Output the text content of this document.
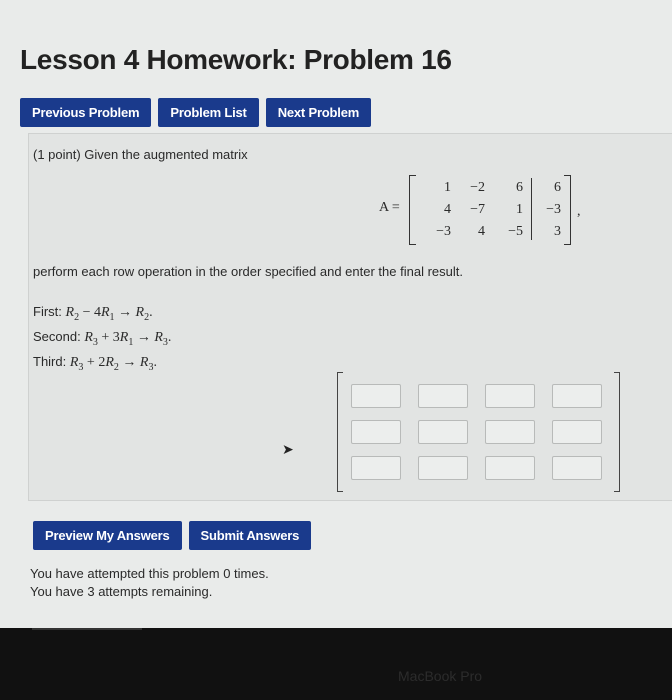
Lesson 4 Homework: Problem 16
Previous Problem	Problem List	Next Problem
(1 point) Given the augmented matrix
A =
1	−2	6	6
4	−7	1	−3
−3	4	−5	3
,
perform each row operation in the order specified and enter the final result.
First: $R_2 - 4R_1 \to R_2$.
Second: $R_3 + 3R_1 \to R_3$.
Third: $R_3 + 2R_2 \to R_3$.
➤
Preview My Answers	Submit Answers
You have attempted this problem 0 times.
You have 3 attempts remaining.
MacBook Pro
